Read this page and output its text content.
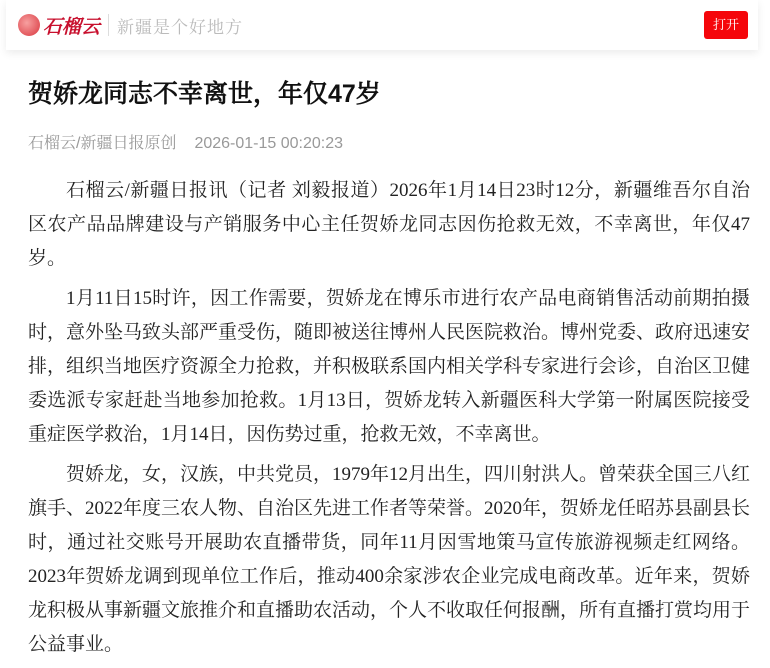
石榴云 新疆是个好地方	打开
贺娇龙同志不幸离世，年仅47岁
石榴云/新疆日报原创 2026-01-15 00:20:23

石榴云/新疆日报讯（记者 刘毅报道）2026年1月14日23时12分，新疆维吾尔自治区农产品品牌建设与产销服务中心主任贺娇龙同志因伤抢救无效，不幸离世，年仅47岁。

1月11日15时许，因工作需要，贺娇龙在博乐市进行农产品电商销售活动前期拍摄时，意外坠马致头部严重受伤，随即被送往博州人民医院救治。博州党委、政府迅速安排，组织当地医疗资源全力抢救，并积极联系国内相关学科专家进行会诊，自治区卫健委选派专家赶赴当地参加抢救。1月13日，贺娇龙转入新疆医科大学第一附属医院接受重症医学救治，1月14日，因伤势过重，抢救无效，不幸离世。

贺娇龙，女，汉族，中共党员，1979年12月出生，四川射洪人。曾荣获全国三八红旗手、2022年度三农人物、自治区先进工作者等荣誉。2020年，贺娇龙任昭苏县副县长时，通过社交账号开展助农直播带货，同年11月因雪地策马宣传旅游视频走红网络。2023年贺娇龙调到现单位工作后，推动400余家涉农企业完成电商改革。近年来，贺娇龙积极从事新疆文旅推介和直播助农活动，个人不收取任何报酬，所有直播打赏均用于公益事业。
